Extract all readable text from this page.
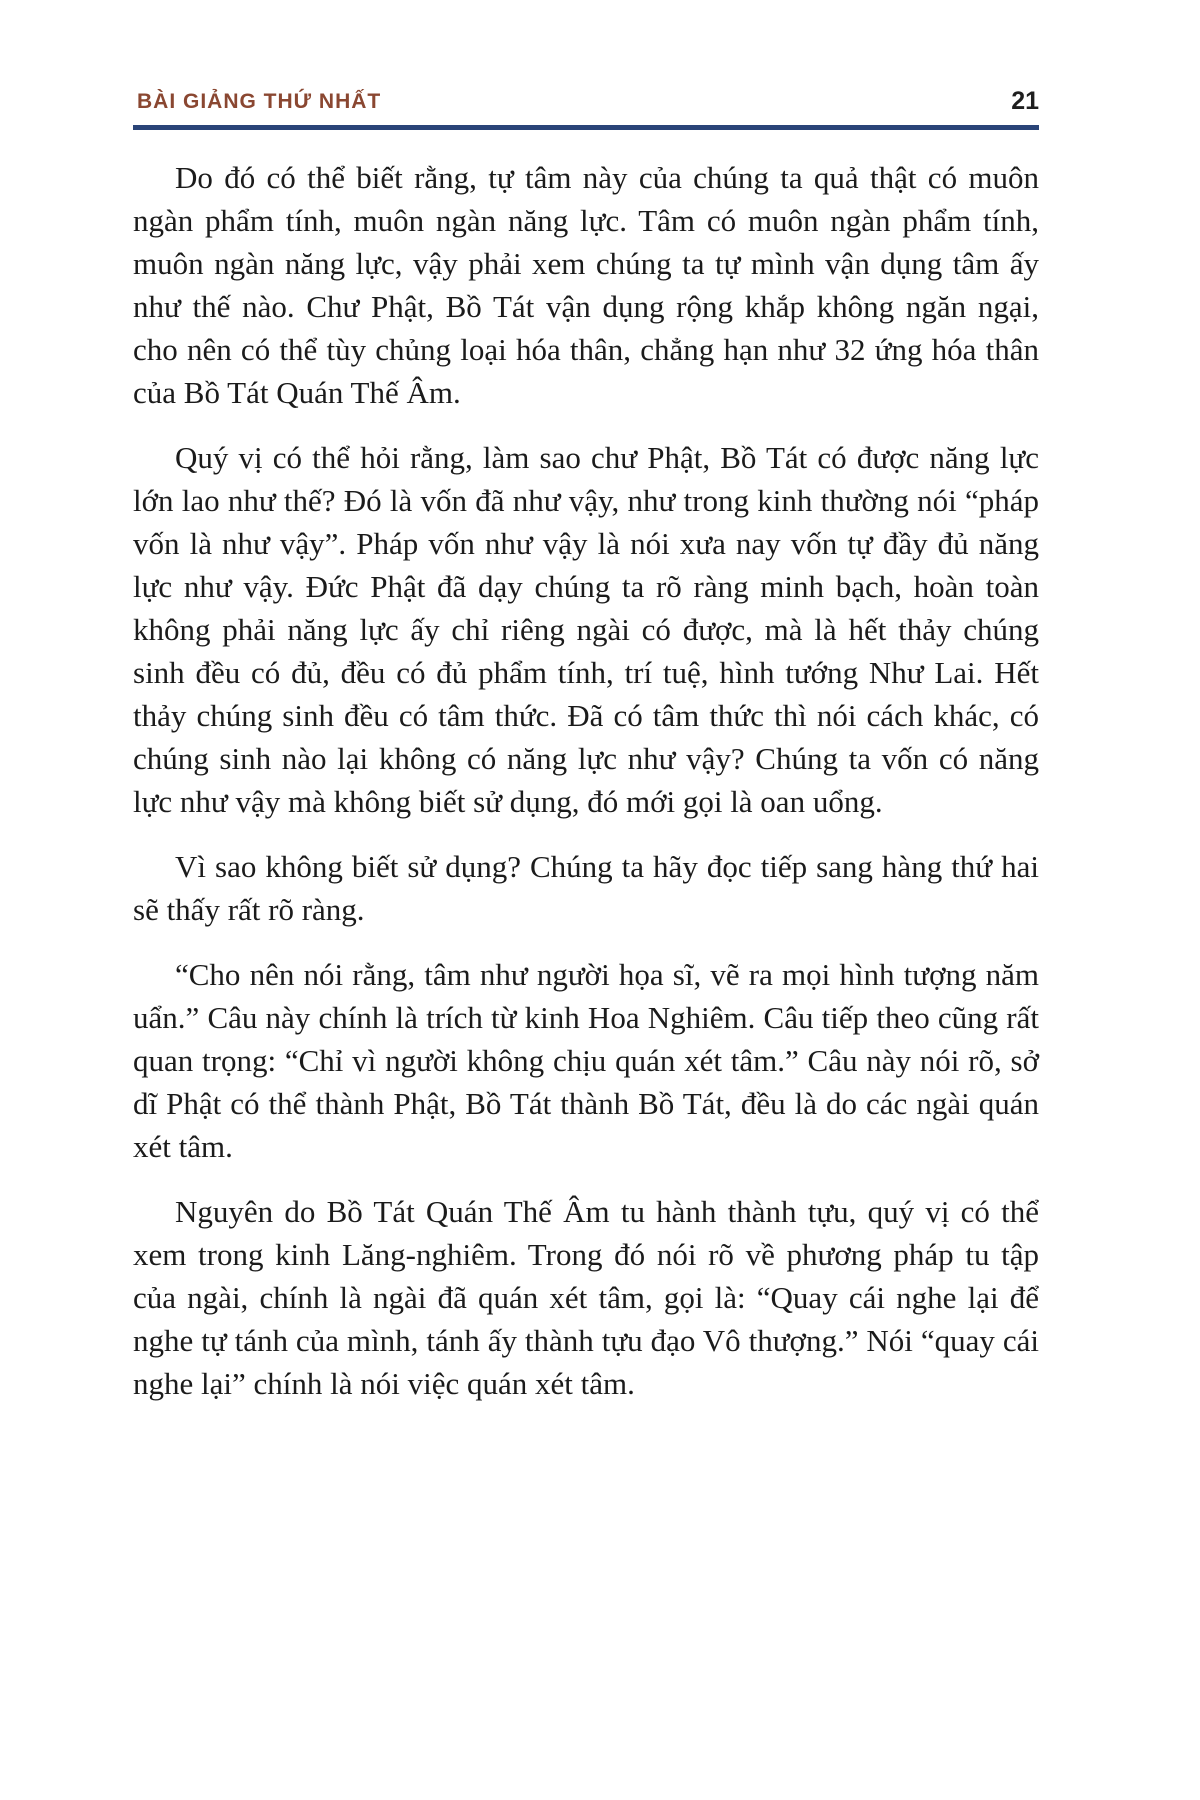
BÀI GIẢNG THỨ NHẤT	21

Do đó có thể biết rằng, tự tâm này của chúng ta quả thật có muôn ngàn phẩm tính, muôn ngàn năng lực. Tâm có muôn ngàn phẩm tính, muôn ngàn năng lực, vậy phải xem chúng ta tự mình vận dụng tâm ấy như thế nào. Chư Phật, Bồ Tát vận dụng rộng khắp không ngăn ngại, cho nên có thể tùy chủng loại hóa thân, chẳng hạn như 32 ứng hóa thân của Bồ Tát Quán Thế Âm.

Quý vị có thể hỏi rằng, làm sao chư Phật, Bồ Tát có được năng lực lớn lao như thế? Đó là vốn đã như vậy, như trong kinh thường nói “pháp vốn là như vậy”. Pháp vốn như vậy là nói xưa nay vốn tự đầy đủ năng lực như vậy. Đức Phật đã dạy chúng ta rõ ràng minh bạch, hoàn toàn không phải năng lực ấy chỉ riêng ngài có được, mà là hết thảy chúng sinh đều có đủ, đều có đủ phẩm tính, trí tuệ, hình tướng Như Lai. Hết thảy chúng sinh đều có tâm thức. Đã có tâm thức thì nói cách khác, có chúng sinh nào lại không có năng lực như vậy? Chúng ta vốn có năng lực như vậy mà không biết sử dụng, đó mới gọi là oan uổng.

Vì sao không biết sử dụng? Chúng ta hãy đọc tiếp sang hàng thứ hai sẽ thấy rất rõ ràng.

“Cho nên nói rằng, tâm như người họa sĩ, vẽ ra mọi hình tượng năm uẩn.” Câu này chính là trích từ kinh Hoa Nghiêm. Câu tiếp theo cũng rất quan trọng: “Chỉ vì người không chịu quán xét tâm.” Câu này nói rõ, sở dĩ Phật có thể thành Phật, Bồ Tát thành Bồ Tát, đều là do các ngài quán xét tâm.

Nguyên do Bồ Tát Quán Thế Âm tu hành thành tựu, quý vị có thể xem trong kinh Lăng-nghiêm. Trong đó nói rõ về phương pháp tu tập của ngài, chính là ngài đã quán xét tâm, gọi là: “Quay cái nghe lại để nghe tự tánh của mình, tánh ấy thành tựu đạo Vô thượng.” Nói “quay cái nghe lại” chính là nói việc quán xét tâm.
